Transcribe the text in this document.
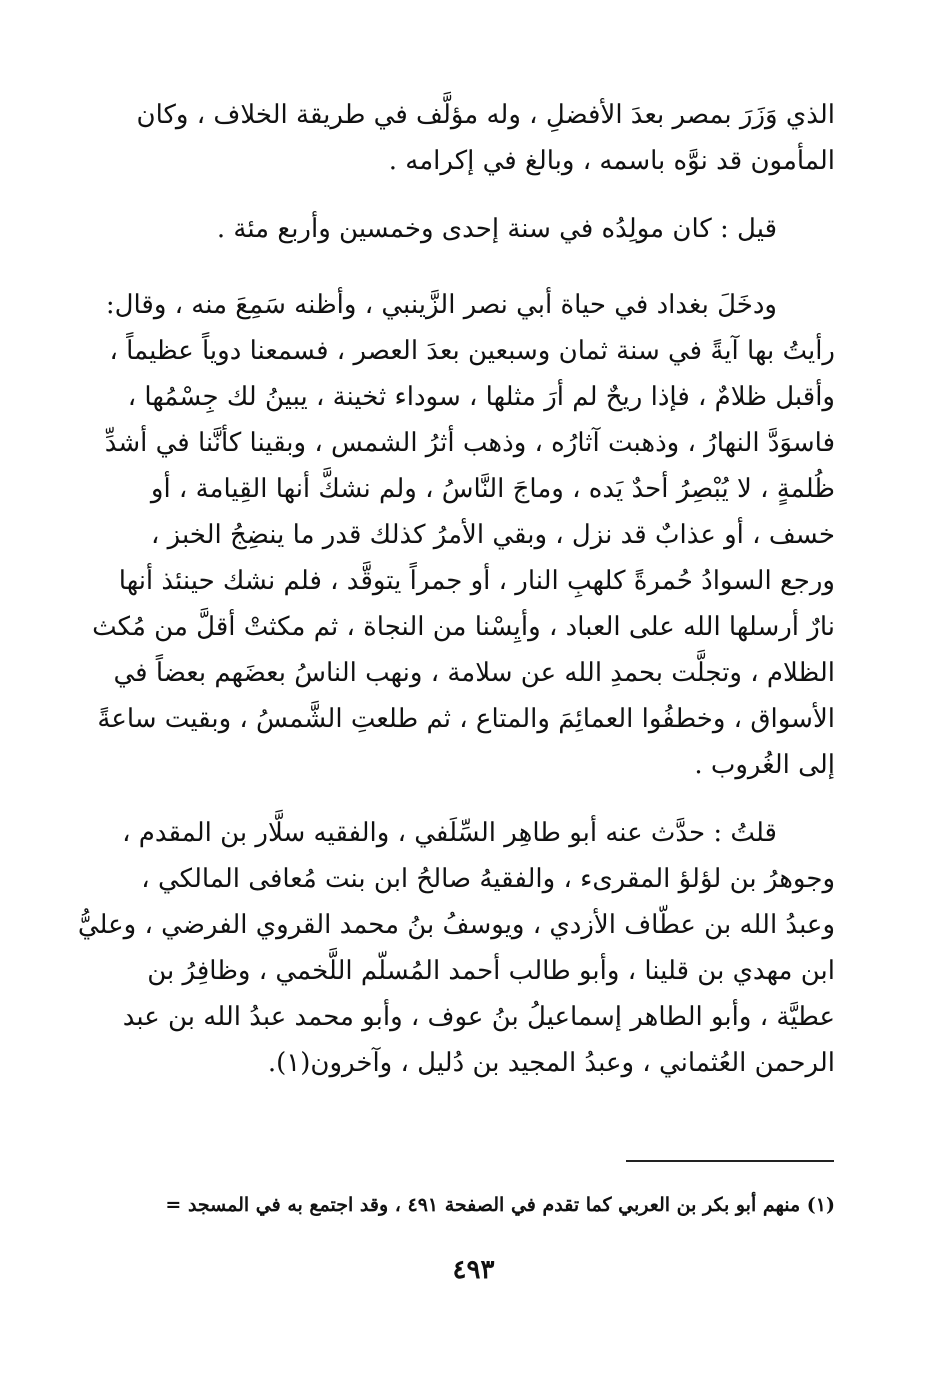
الذي وَزَرَ بمصر بعدَ الأفضلِ ، وله مؤلَّف في طريقة الخلاف ، وكان
المأمون قد نوَّه باسمه ، وبالغ في إكرامه .
قيل : كان مولِدُه في سنة إحدى وخمسين وأربع مئة .
ودخَلَ بغداد في حياة أبي نصر الزَّينبي ، وأظنه سَمِعَ منه ، وقال:
رأيتُ بها آيةً في سنة ثمان وسبعين بعدَ العصر ، فسمعنا دوياً عظيماً ،
وأقبل ظلامٌ ، فإذا ريحٌ لم أرَ مثلها ، سوداء ثخينة ، يبينُ لك جِسْمُها ،
فاسوَدَّ النهارُ ، وذهبت آثارُه ، وذهب أثرُ الشمس ، وبقينا كأنَّنا في أشدِّ
ظُلمةٍ ، لا يُبْصِرُ أحدٌ يَده ، وماجَ النَّاسُ ، ولم نشكَّ أنها القِيامة ، أو
خسف ، أو عذابٌ قد نزل ، وبقي الأمرُ كذلك قدر ما ينضِجُ الخبز ،
ورجع السوادُ حُمرةً كلهبِ النار ، أو جمراً يتوقَّد ، فلم نشك حينئذ أنها
نارٌ أرسلها الله على العباد ، وأيِسْنا من النجاة ، ثم مكثتْ أقلَّ من مُكث
الظلام ، وتجلَّت بحمدِ الله عن سلامة ، ونهب الناسُ بعضَهم بعضاً في
الأسواق ، وخطفُوا العمائِمَ والمتاع ، ثم طلعتِ الشَّمسُ ، وبقيت ساعةً
إلى الغُروب .
قلتُ : حدَّث عنه أبو طاهِر السِّلَفي ، والفقيه سلَّار بن المقدم ،
وجوهرُ بن لؤلؤ المقرىء ، والفقيهُ صالحُ ابن بنت مُعافى المالكي ،
وعبدُ الله بن عطّاف الأزدي ، ويوسفُ بنُ محمد القروي الفرضي ، وعليُّ
ابن مهدي بن قلينا ، وأبو طالب أحمد المُسلّم اللَّخمي ، وظافِرُ بن
عطيَّة ، وأبو الطاهر إسماعيلُ بنُ عوف ، وأبو محمد عبدُ الله بن عبد
الرحمن العُثماني ، وعبدُ المجيد بن دُليل ، وآخرون(١).
(١) منهم أبو بكر بن العربي كما تقدم في الصفحة ٤٩١ ، وقد اجتمع به في المسجد =
٤٩٣
